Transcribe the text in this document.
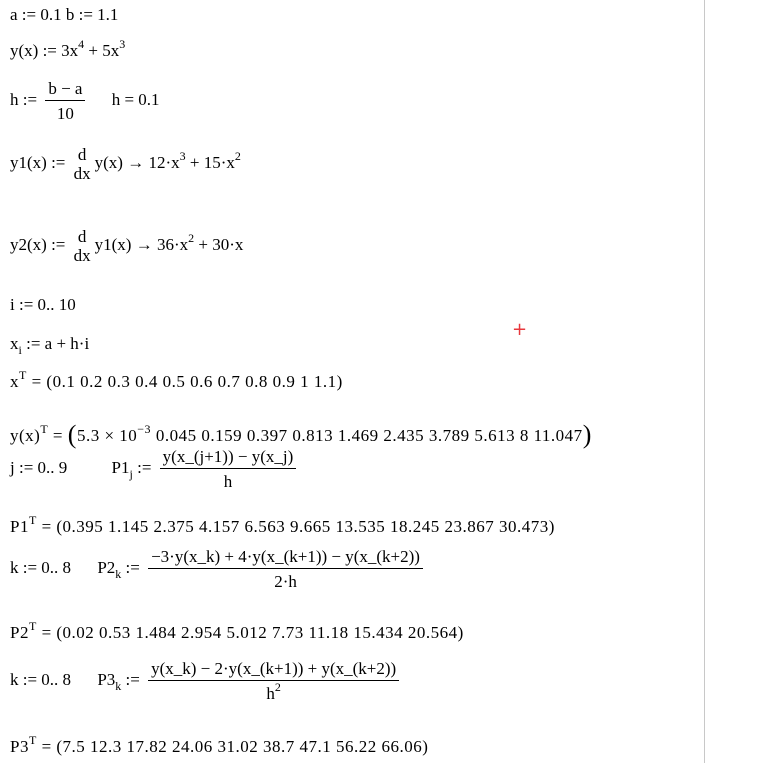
a := 0.1 b := 1.1
y(x) := $3x^4 + 5x^3$
h := $\frac{b - a}{10}$ h = 0.1
y1(x) := d
dx
$y(x) \to 12\cdot x^3 + 15\cdot x^2$
y2(x) := d
dx
$y1(x) \to 36\cdot x^2 + 30\cdot x$
i := 0.. 10
+
$x_i$ := a + h·i
$x^T = (0.1$ 0.2 0.3 0.4 0.5 0.6 0.7 0.8 0.9 1 1.1)
$y(x)^T = (5.3 \times 10^{-3}$ 0.045 0.159 0.397 0.813 1.469 2.435 3.789 5.613 8 11.047)
j := 0.. 9	$P1_j$ := $\frac{y(x\_(j+1)) - y(x\_j)}{h}$
$P1^T = (0.395$ 1.145 2.375 4.157 6.563 9.665 13.535 18.245 23.867 30.473)
k := 0.. 8 $P2_k$ := $\frac{-3\cdot y(x\_k) + 4\cdot y(x\_(k+1)) - y(x\_(k+2))}{2\cdot h}$
$P2^T = (0.02$ 0.53 1.484 2.954 5.012 7.73 11.18 15.434 20.564)
k := 0.. 8 $P3_k$ := $\frac{y(x\_k) - 2\cdot y(x\_(k+1)) + y(x\_(k+2))}{h^2}$
$P3^T = (7.5$ 12.3 17.82 24.06 31.02 38.7 47.1 56.22 66.06)
